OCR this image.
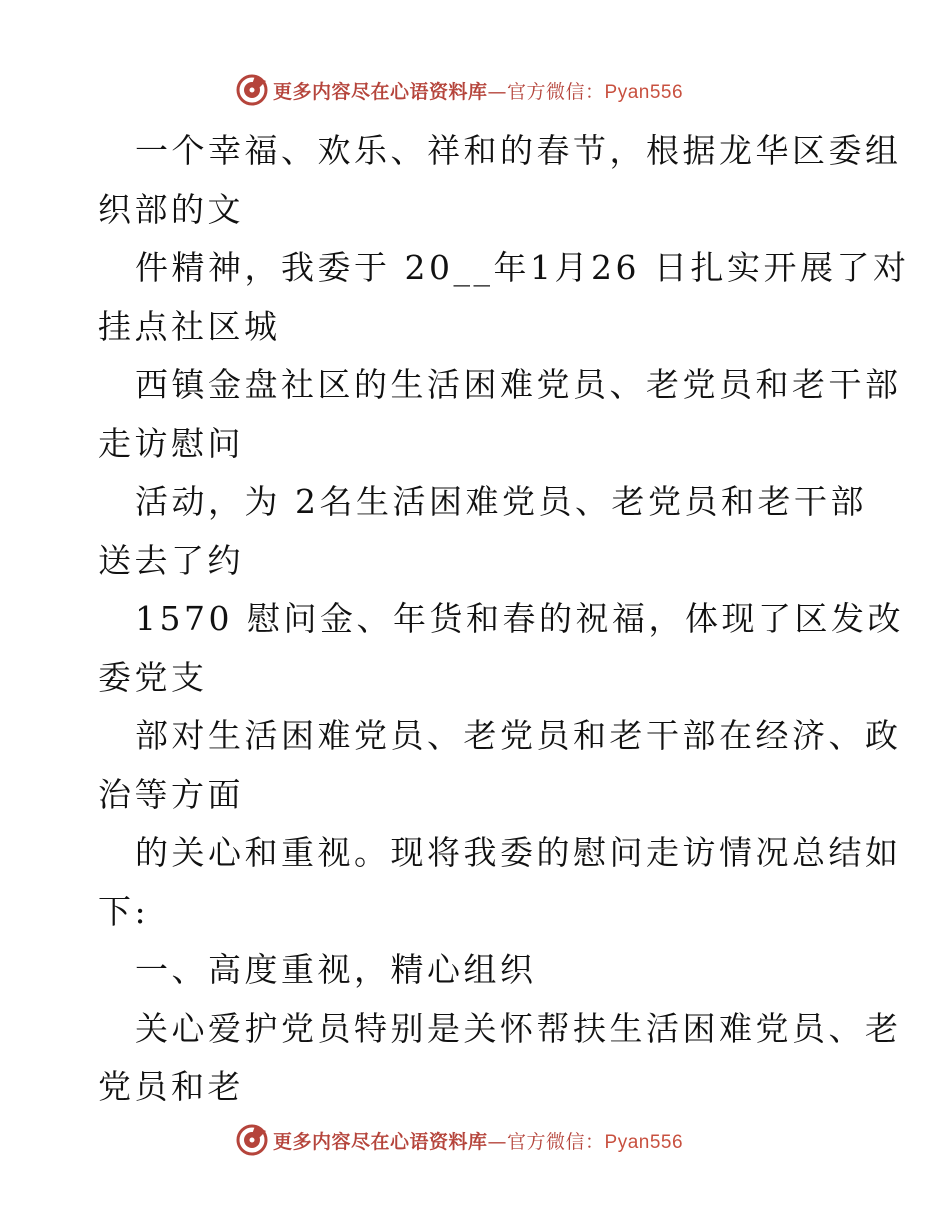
更多内容尽在心语资料库—官方微信：Pyan556
一个幸福、欢乐、祥和的春节，根据龙华区委组
织部的文
件精神，我委于 20__年1月26 日扎实开展了对
挂点社区城
西镇金盘社区的生活困难党员、老党员和老干部
走访慰问
活动，为 2名生活困难党员、老党员和老干部
送去了约
1570 慰问金、年货和春的祝福，体现了区发改
委党支
部对生活困难党员、老党员和老干部在经济、政
治等方面
的关心和重视。现将我委的慰问走访情况总结如
下:
一、高度重视，精心组织
关心爱护党员特别是关怀帮扶生活困难党员、老
党员和老
更多内容尽在心语资料库—官方微信：Pyan556
